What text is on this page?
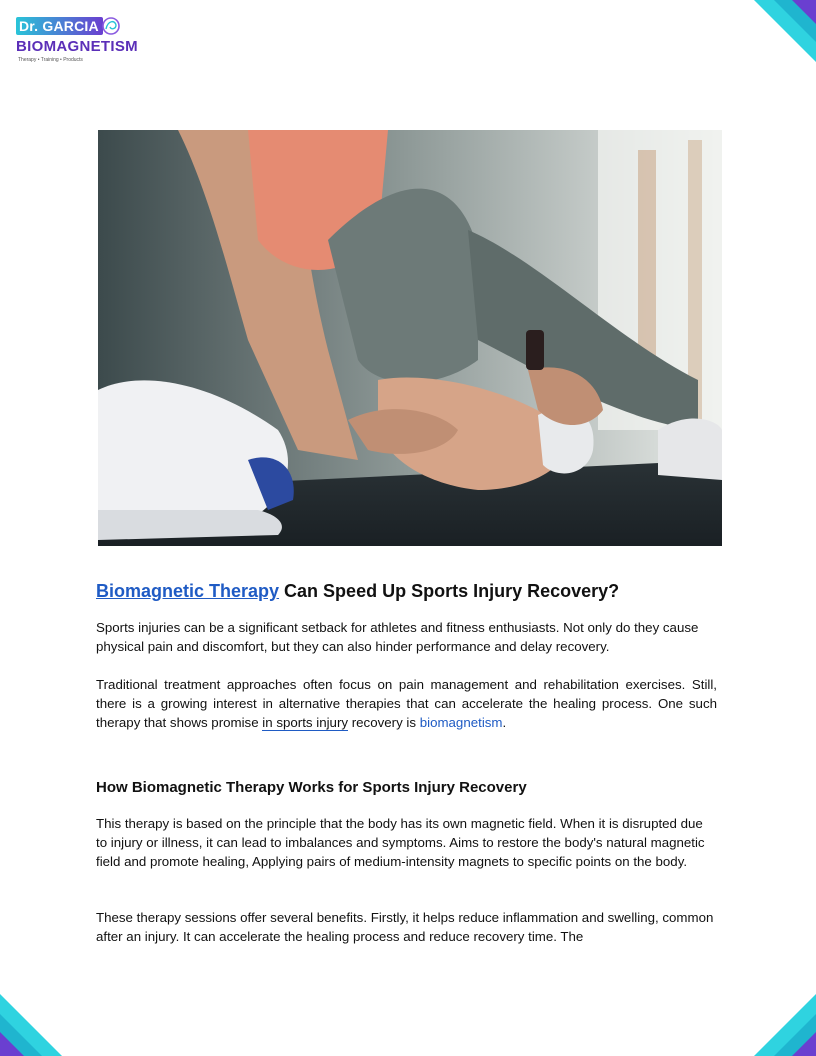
Dr. GARCIA
BIOMAGNETISM
Therapy • Training • Products
Biomagnetic Therapy Can Speed Up Sports Injury Recovery?

Sports injuries can be a significant setback for athletes and fitness enthusiasts. Not only do they cause physical pain and discomfort, but they can also hinder performance and delay recovery.

Traditional treatment approaches often focus on pain management and rehabilitation exercises. Still, there is a growing interest in alternative therapies that can accelerate the healing process. One such therapy that shows promise in sports injury recovery is biomagnetism.

How Biomagnetic Therapy Works for Sports Injury Recovery

This therapy is based on the principle that the body has its own magnetic field. When it is disrupted due to injury or illness, it can lead to imbalances and symptoms. Aims to restore the body's natural magnetic field and promote healing, Applying pairs of medium-intensity magnets to specific points on the body.

These therapy sessions offer several benefits. Firstly, it helps reduce inflammation and swelling, common after an injury. It can accelerate the healing process and reduce recovery time. The
